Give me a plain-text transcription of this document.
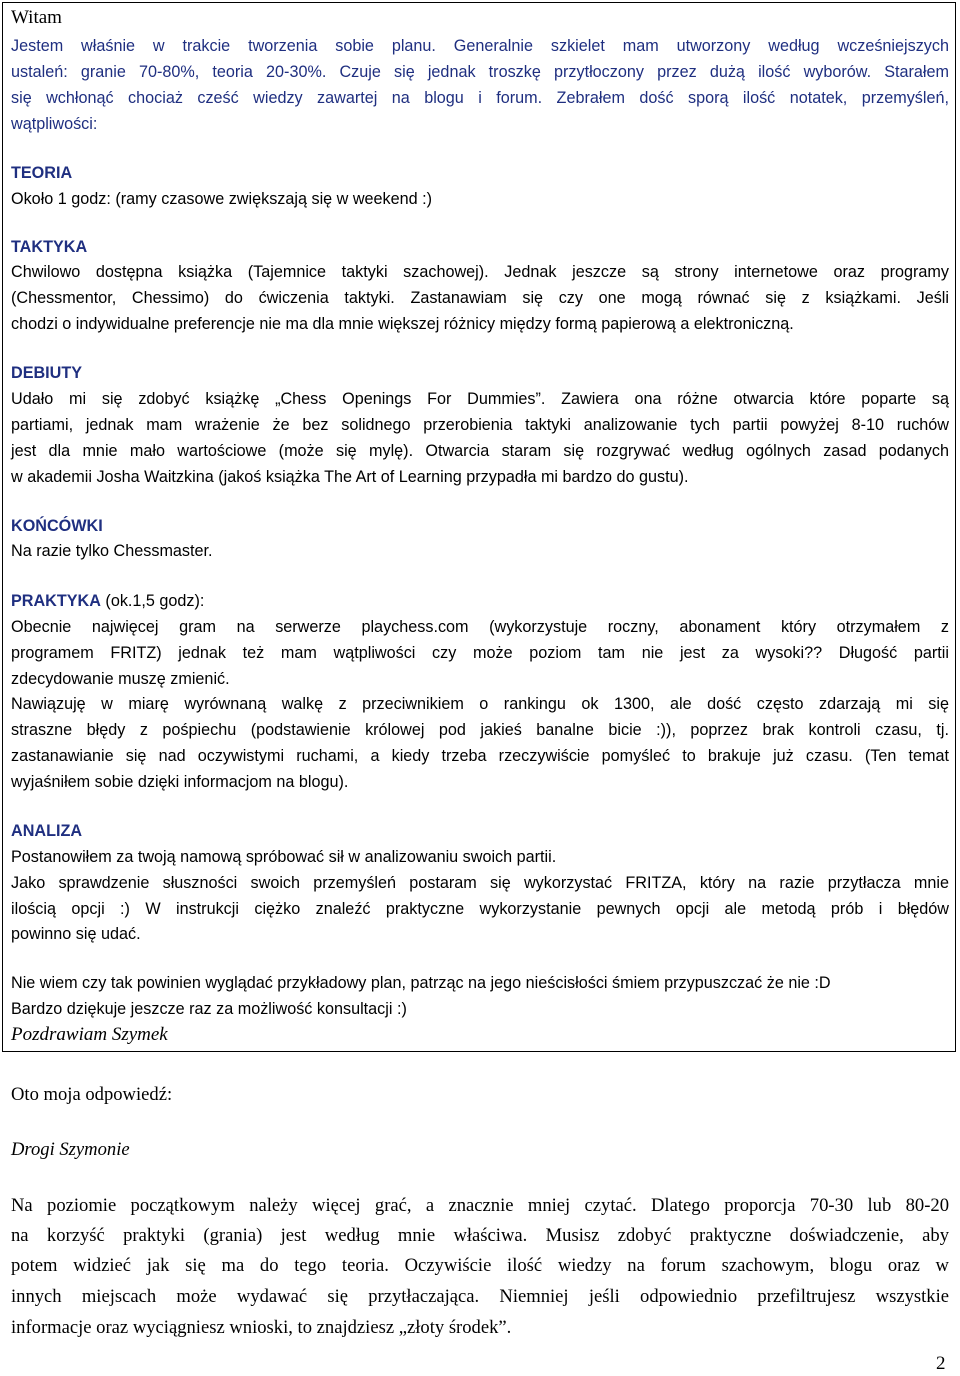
Witam
Jestem właśnie w trakcie tworzenia sobie planu. Generalnie szkielet mam utworzony według wcześniejszych
ustaleń: granie 70-80%, teoria 20-30%. Czuje się jednak troszkę przytłoczony przez dużą ilość wyborów. Starałem
się wchłonąć chociaż cześć wiedzy zawartej na blogu i forum. Zebrałem dość sporą ilość notatek, przemyśleń,
wątpliwości:
TEORIA
Około 1 godz: (ramy czasowe zwiększają się w weekend :)
TAKTYKA
Chwilowo dostępna książka (Tajemnice taktyki szachowej). Jednak jeszcze są strony internetowe oraz programy
(Chessmentor, Chessimo) do ćwiczenia taktyki. Zastanawiam się czy one mogą równać się z książkami. Jeśli
chodzi o indywidualne preferencje nie ma dla mnie większej różnicy między formą papierową a elektroniczną.
DEBIUTY
Udało mi się zdobyć książkę „Chess Openings For Dummies”. Zawiera ona różne otwarcia które poparte są
partiami, jednak mam wrażenie że bez solidnego przerobienia taktyki analizowanie tych partii powyżej 8-10 ruchów
jest dla mnie mało wartościowe (może się mylę). Otwarcia staram się rozgrywać według ogólnych zasad podanych
w akademii Josha Waitzkina (jakoś książka The Art of Learning przypadła mi bardzo do gustu).
KOŃCÓWKI
Na razie tylko Chessmaster.
PRAKTYKA (ok.1,5 godz):
Obecnie najwięcej gram na serwerze playchess.com (wykorzystuje roczny, abonament który otrzymałem z
programem FRITZ) jednak też mam wątpliwości czy może poziom tam nie jest za wysoki?? Długość partii
zdecydowanie muszę zmienić.
Nawiązuję w miarę wyrównaną walkę z przeciwnikiem o rankingu ok 1300, ale dość często zdarzają mi się
straszne błędy z pośpiechu (podstawienie królowej pod jakieś banalne bicie :)), poprzez brak kontroli czasu, tj.
zastanawianie się nad oczywistymi ruchami, a kiedy trzeba rzeczywiście pomyśleć to brakuje już czasu. (Ten temat
wyjaśniłem sobie dzięki informacjom na blogu).
ANALIZA
Postanowiłem za twoją namową spróbować sił w analizowaniu swoich partii.
Jako sprawdzenie słuszności swoich przemyśleń postaram się wykorzystać FRITZA, który na razie przytłacza mnie
ilością opcji :) W instrukcji ciężko znaleźć praktyczne wykorzystanie pewnych opcji ale metodą prób i błędów
powinno się udać.
Nie wiem czy tak powinien wyglądać przykładowy plan, patrząc na jego nieścisłości śmiem przypuszczać że nie :D
Bardzo dziękuje jeszcze raz za możliwość konsultacji :)
Pozdrawiam Szymek
Oto moja odpowiedź:
Drogi Szymonie
Na poziomie początkowym należy więcej grać, a znacznie mniej czytać. Dlatego proporcja 70-30 lub 80-20
na korzyść praktyki (grania) jest według mnie właściwa. Musisz zdobyć praktyczne doświadczenie, aby
potem widzieć jak się ma do tego teoria. Oczywiście ilość wiedzy na forum szachowym, blogu oraz w
innych miejscach może wydawać się przytłaczająca. Niemniej jeśli odpowiednio przefiltrujesz wszystkie
informacje oraz wyciągniesz wnioski, to znajdziesz „złoty środek”.
2
